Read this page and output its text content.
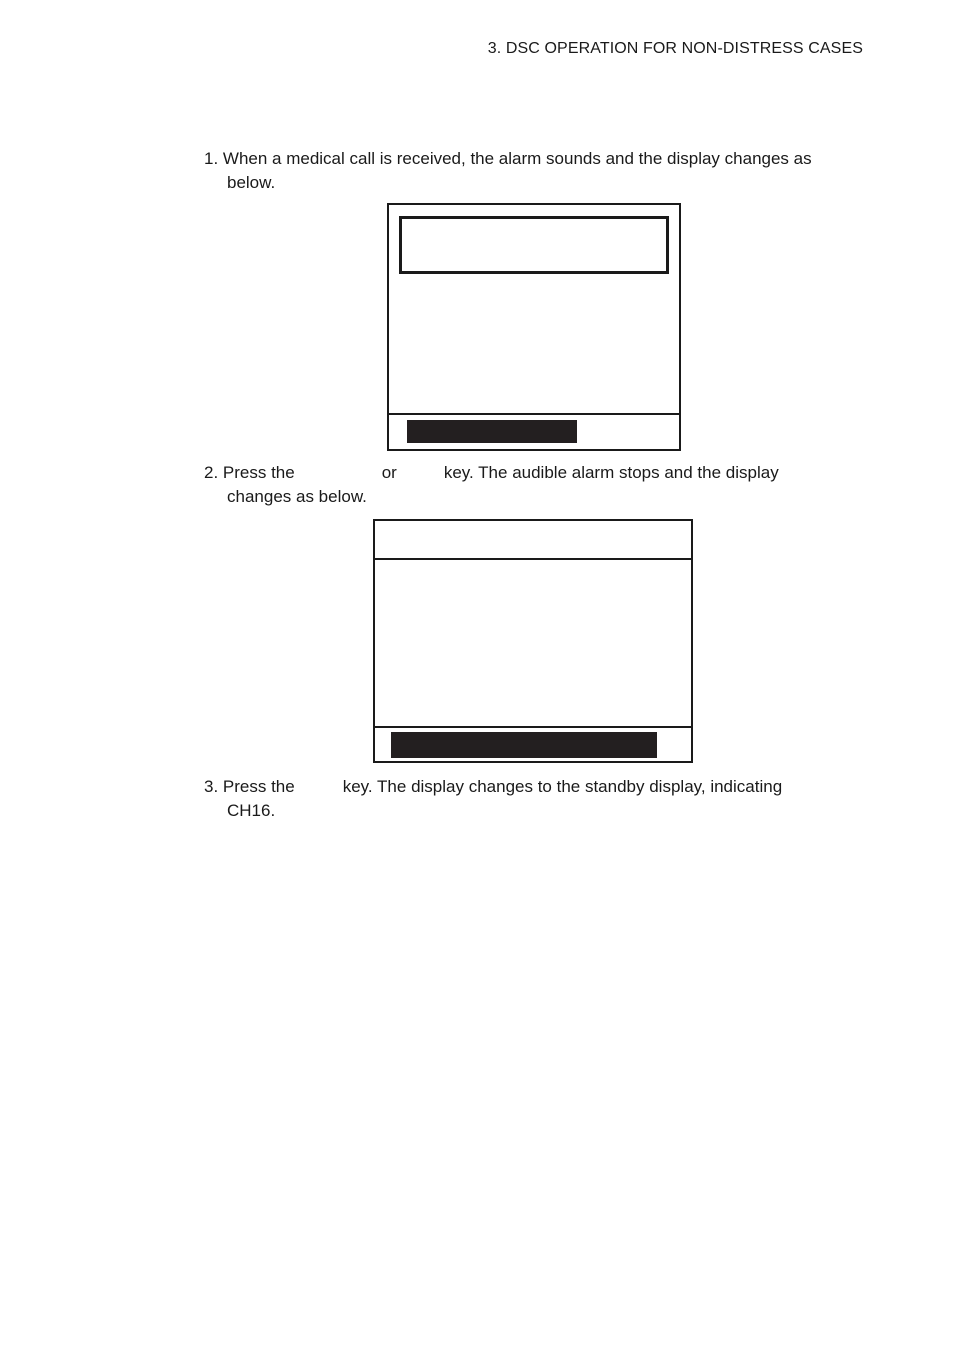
3. DSC OPERATION FOR NON-DISTRESS CASES
1. When a medical call is received, the alarm sounds and the display changes as
below.
2. Press the	or	key. The audible alarm stops and the display
changes as below.
3. Press the	key. The display changes to the standby display, indicating
CH16.
